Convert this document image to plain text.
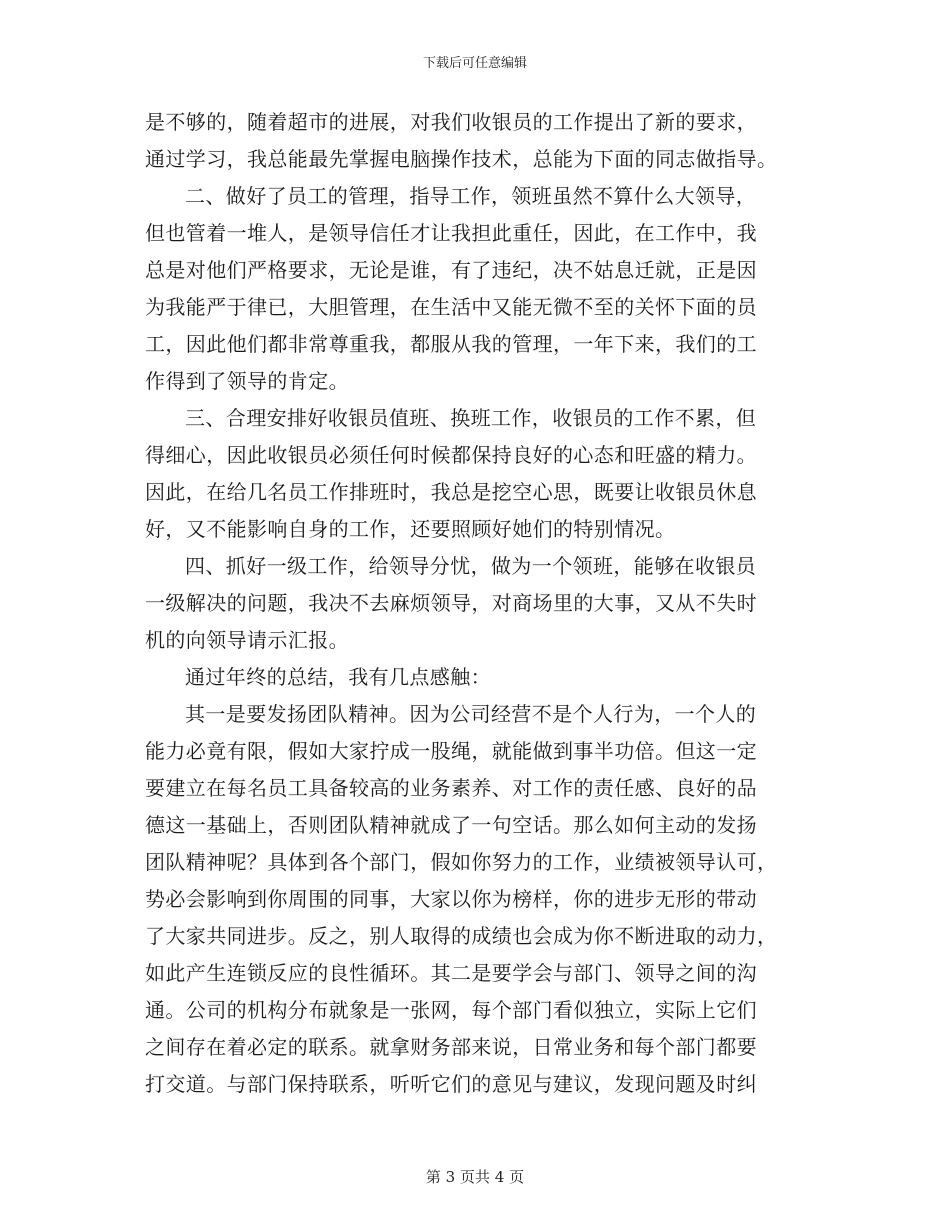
下载后可任意编辑
是不够的，随着超市的进展，对我们收银员的工作提出了新的要求，
通过学习，我总能最先掌握电脑操作技术，总能为下面的同志做指导。
二、做好了员工的管理，指导工作，领班虽然不算什么大领导，
但也管着一堆人，是领导信任才让我担此重任，因此，在工作中，我
总是对他们严格要求，无论是谁，有了违纪，决不姑息迁就，正是因
为我能严于律已，大胆管理，在生活中又能无微不至的关怀下面的员
工，因此他们都非常尊重我，都服从我的管理，一年下来，我们的工
作得到了领导的肯定。
三、合理安排好收银员值班、换班工作，收银员的工作不累，但
得细心，因此收银员必须任何时候都保持良好的心态和旺盛的精力。
因此，在给几名员工作排班时，我总是挖空心思，既要让收银员休息
好，又不能影响自身的工作，还要照顾好她们的特别情况。
四、抓好一级工作，给领导分忧，做为一个领班，能够在收银员
一级解决的问题，我决不去麻烦领导，对商场里的大事，又从不失时
机的向领导请示汇报。
通过年终的总结，我有几点感触：
其一是要发扬团队精神。因为公司经营不是个人行为，一个人的
能力必竟有限，假如大家拧成一股绳，就能做到事半功倍。但这一定
要建立在每名员工具备较高的业务素养、对工作的责任感、良好的品
德这一基础上，否则团队精神就成了一句空话。那么如何主动的发扬
团队精神呢？具体到各个部门，假如你努力的工作，业绩被领导认可，
势必会影响到你周围的同事，大家以你为榜样，你的进步无形的带动
了大家共同进步。反之，别人取得的成绩也会成为你不断进取的动力，
如此产生连锁反应的良性循环。其二是要学会与部门、领导之间的沟
通。公司的机构分布就象是一张网，每个部门看似独立，实际上它们
之间存在着必定的联系。就拿财务部来说，日常业务和每个部门都要
打交道。与部门保持联系，听听它们的意见与建议，发现问题及时纠
第 3 页共 4 页
